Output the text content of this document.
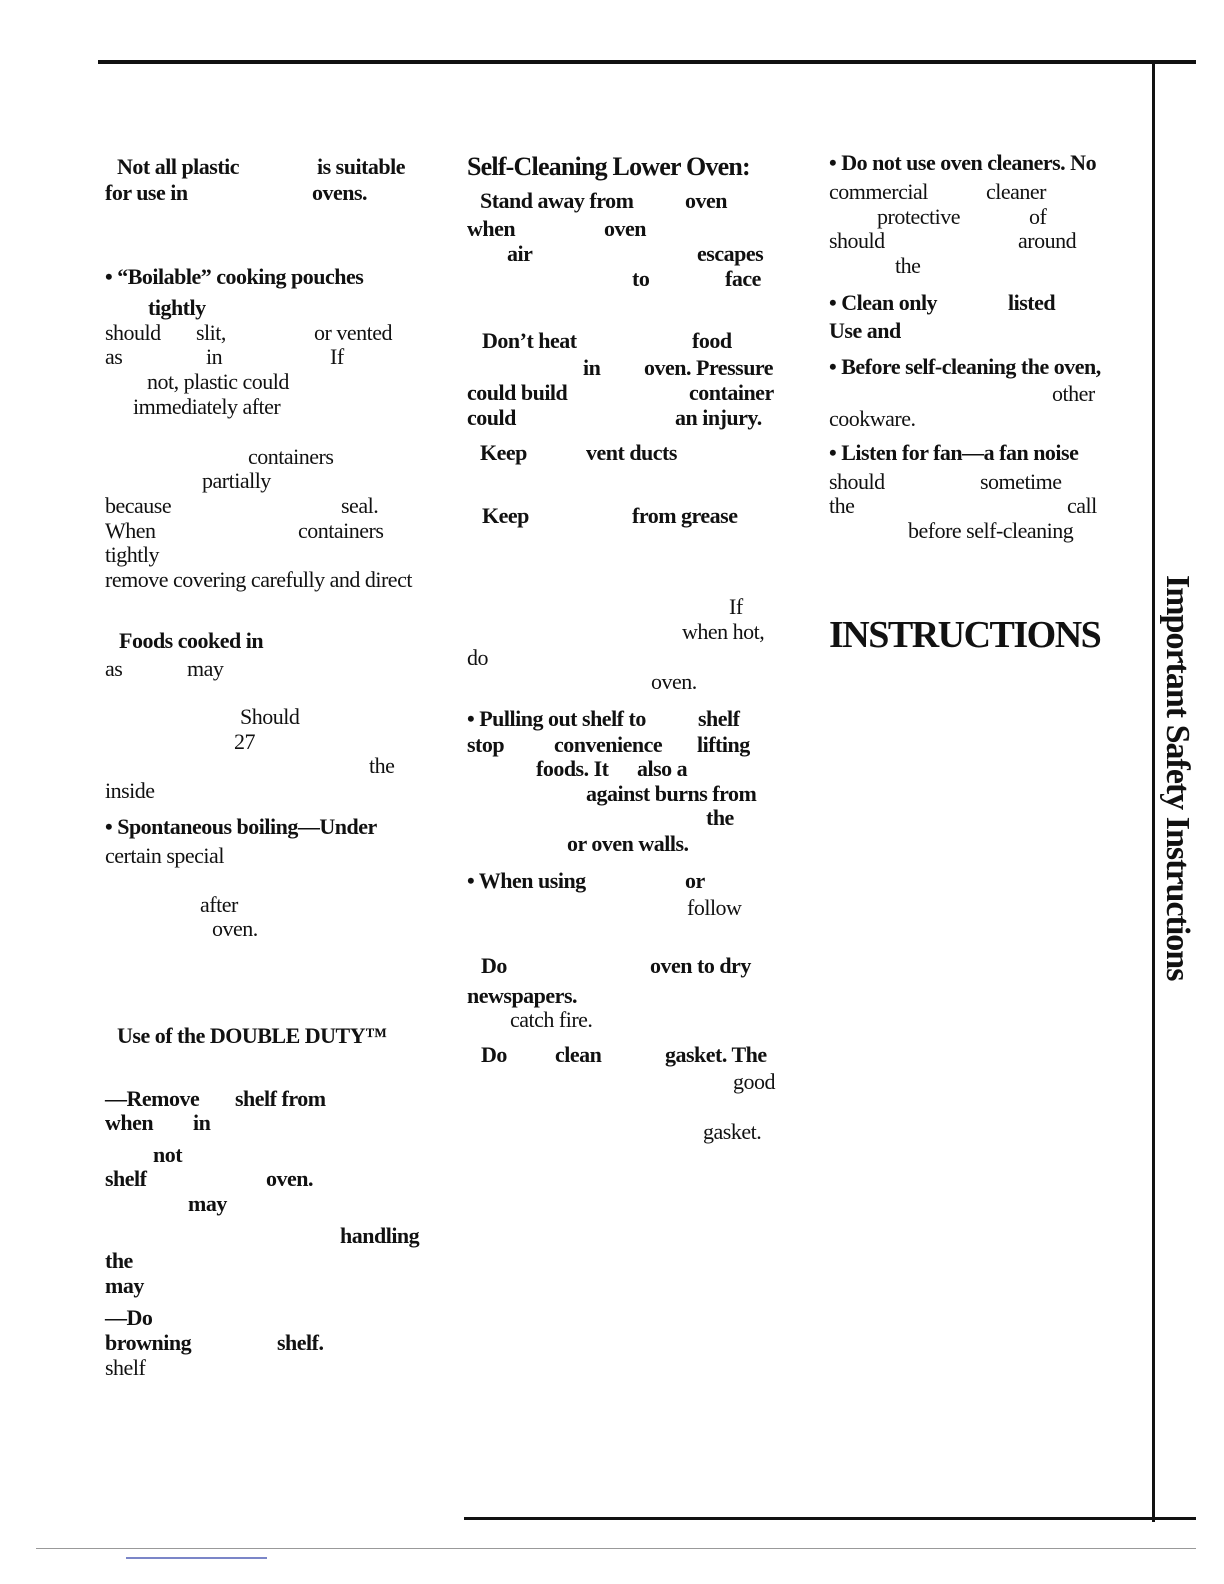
Important Safety Instructions
Not all plastic	is suitable
for use in	ovens.
• “Boilable” cooking pouches
tightly
should slit,	or vented
as	in	If
not, plastic could
immediately after
containers
partially
because	seal.
When	containers
tightly
remove covering carefully and direct
Foods cooked in
as	may
Should
27
the
inside
• Spontaneous boiling—Under
certain special
after
oven.
Use of the DOUBLE DUTY™
—Remove shelf from
when in
not
shelf	oven.
may
handling
the
may
—Do
browning	shelf.
shelf
Self-Cleaning Lower Oven:
Stand away from oven
when	oven
air	escapes
to	face
Don’t heat	food
in oven. Pressure
could build	container
could	an injury.
Keep	vent ducts
Keep	from grease
If
when hot,
do
oven.
• Pulling out shelf to shelf
stop convenience lifting
foods. It also a
against burns from
the
or oven walls.
• When using	or
follow
Do	oven to dry
newspapers.
catch fire.
Do clean	gasket. The
good
gasket.
• Do not use oven cleaners. No
commercial	cleaner
protective	of
should	around
the
• Clean only	listed
Use and
• Before self-cleaning the oven,
other
cookware.
• Listen for fan—a fan noise
should	sometime
the	call
before self-cleaning
INSTRUCTIONS
